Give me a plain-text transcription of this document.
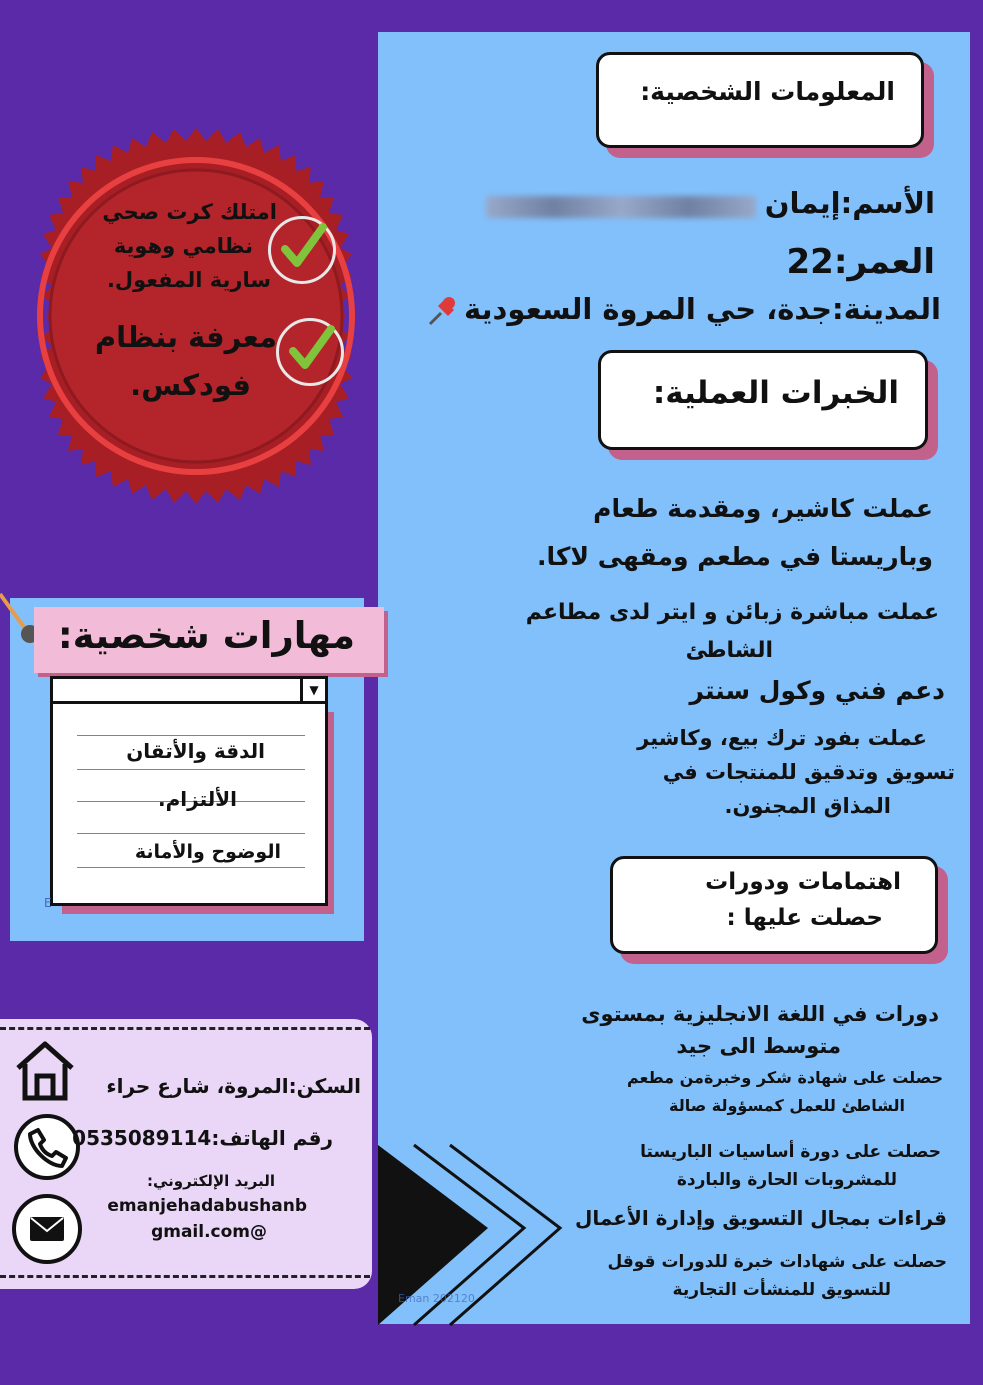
المعلومات الشخصية:
الأسم:إيمان
العمر:22
المدينة:جدة، حي المروة السعودية
الخبرات العملية:
عملت كاشير، ومقدمة طعام
وباريستا في مطعم ومقهى لاكا.
عملت مباشرة زبائن و ايتر لدى مطاعم
الشاطئ
دعم فني وكول سنتر
عملت بفود ترك بيع، وكاشير
تسويق وتدقيق للمنتجات في
المذاق المجنون.
اهتمامات ودورات
حصلت عليها :
دورات في اللغة الانجليزية بمستوى
متوسط الى جيد
حصلت على شهادة شكر وخبرةمن مطعم
الشاطئ للعمل كمسؤولة صالة
حصلت على دورة أساسيات الباريستا
للمشروبات الحارة والباردة
قراءات بمجال التسويق وإدارة الأعمال
حصلت على شهادات خبرة للدورات قوقل
للتسويق للمنشأت التجارية
Eman 202120
امتلك كرت صحي
نظامي وهوية
سارية المفعول.
معرفة بنظام
فودكس.
مهارات شخصية:
▼
الدقة والأتقان
الألتزام.
الوضوح والأمانة
E
السكن:المروة، شارع حراء
رقم الهاتف:0535089114
البريد الإلكتروني:
emanjehadabushanb
@gmail.com
